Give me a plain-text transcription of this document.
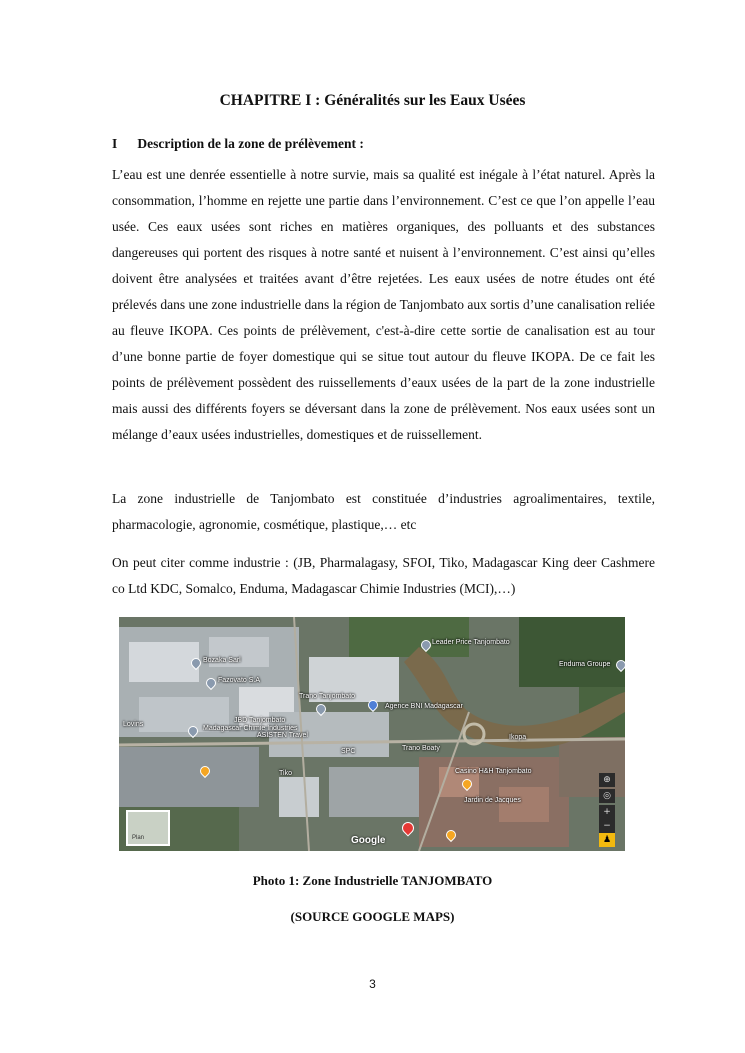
CHAPITRE I : Généralités sur les Eaux Usées
I Description de la zone de prélèvement :

L’eau est une denrée essentielle à notre survie, mais sa qualité est inégale à l’état naturel. Après la consommation, l’homme en rejette une partie dans l’environnement. C’est ce que l’on appelle l’eau usée. Ces eaux usées sont riches en matières organiques, des polluants et des substances dangereuses qui portent des risques à notre santé et nuisent à l’environnement. C’est ainsi qu’elles doivent être analysées et traitées avant d’être rejetées. Les eaux usées de notre études ont été prélevés dans une zone industrielle dans la région de Tanjombato aux sortis d’une canalisation reliée au fleuve IKOPA. Ces points de prélèvement, c'est-à-dire cette sortie de canalisation est au tour d’une bonne partie de foyer domestique qui se situe tout autour du fleuve IKOPA. De ce fait les points de prélèvement possèdent des ruissellements d’eaux usées de la part de la zone industrielle mais aussi des différents foyers se déversant dans la zone de prélèvement. Nos eaux usées sont un mélange d’eaux usées industrielles, domestiques et de ruissellement.

La zone industrielle de Tanjombato est constituée d’industries agroalimentaires, textile, pharmacologie, agronomie, cosmétique, plastique,… etc

On peut citer comme industrie : (JB, Pharmalagasy, SFOI, Tiko, Madagascar King deer Cashmere co Ltd KDC, Somalco, Enduma, Madagascar Chimie Industries (MCI),…)

Leader Price Tanjombato
Enduma Groupe
Bozaka Sarl
Fazovato S.A
Trano Tanjombato
Agence BNI Madagascar
JBD Tanjombato
Madagascar Chimie Industries
ASISTEN Travel
Tiko
Trano Boaty
Casino H&H Tanjombato
Jardin de Jacques
SPC
Ikopa
Lovins
⊕
◎
+
−
♟
Plan	Google
Photo 1: Zone Industrielle TANJOMBATO
(SOURCE GOOGLE MAPS)
3
